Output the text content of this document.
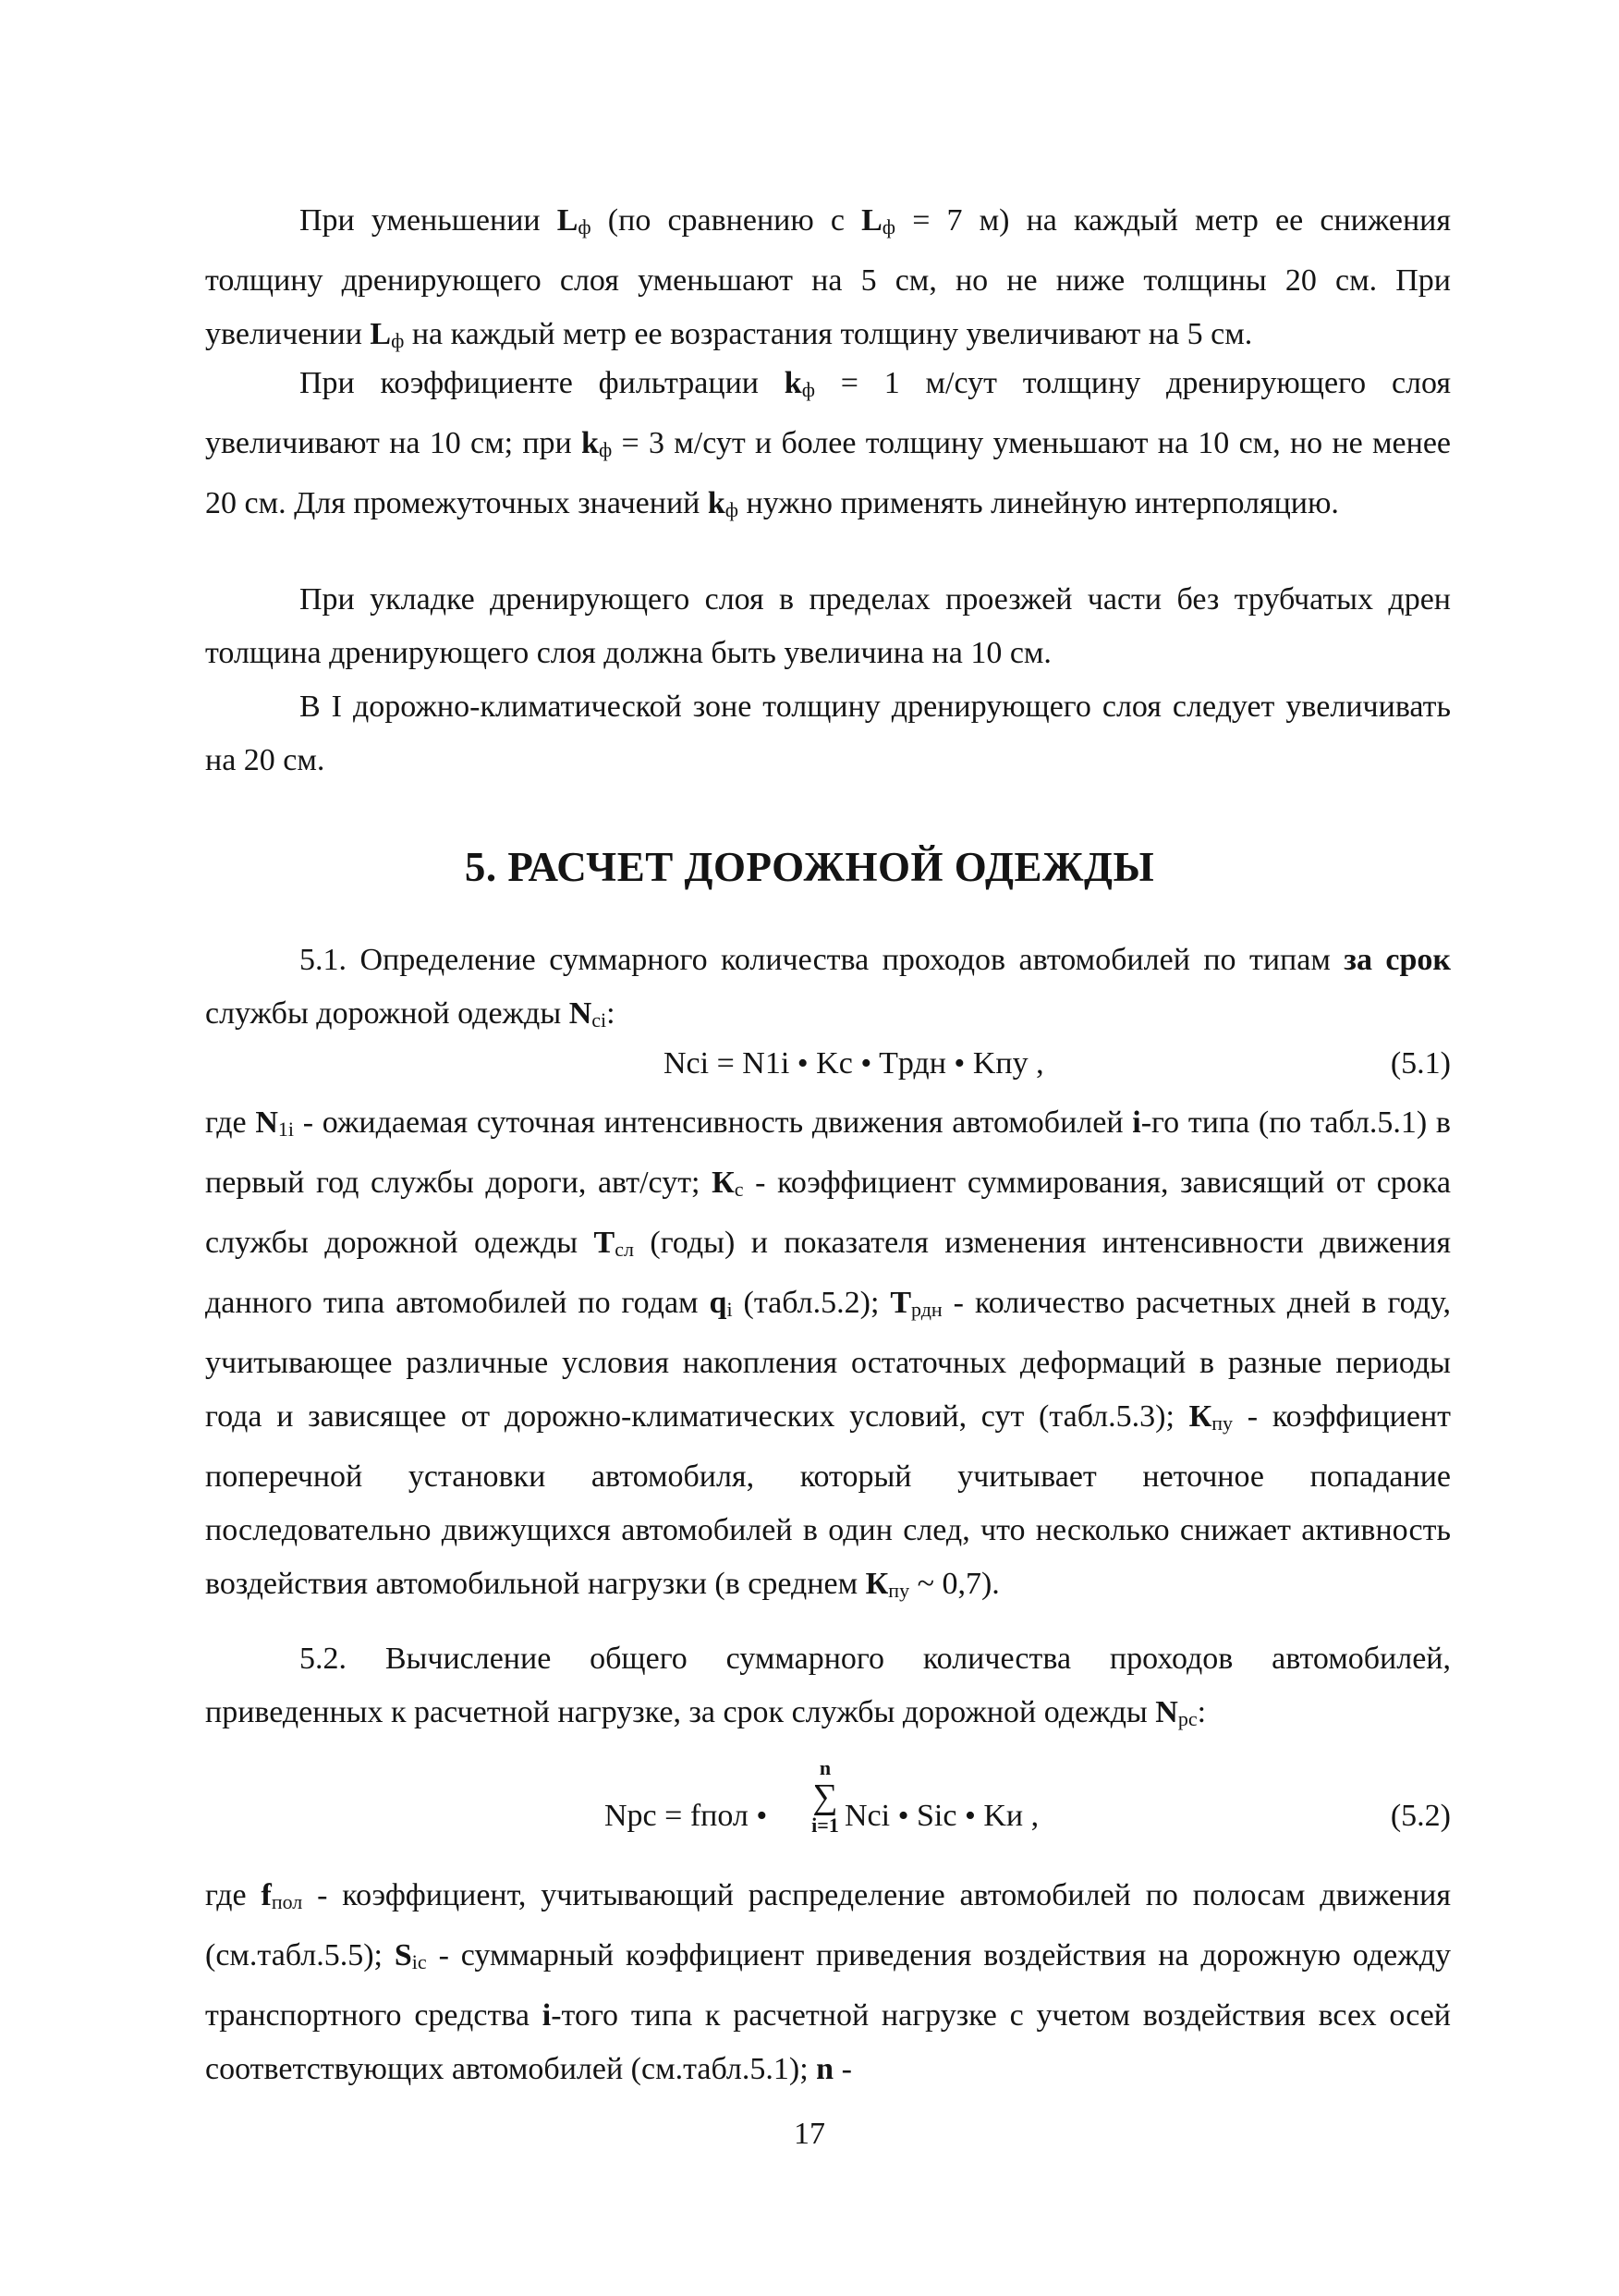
При уменьшении $L_ф$ (по сравнению с $L_ф = 7$ м) на каждый метр ее снижения толщину дренирующего слоя уменьшают на 5 см, но не ниже толщины 20 см. При увеличении $L_ф$ на каждый метр ее возрастания толщину увеличивают на 5 см.

При коэффициенте фильтрации $k_ф = 1$ м/сут толщину дренирующего слоя увеличивают на 10 см; при $k_ф = 3$ м/сут и более толщину уменьшают на 10 см, но не менее 20 см. Для промежуточных значений $k_ф$ нужно применять линейную интерполяцию.

При укладке дренирующего слоя в пределах проезжей части без трубчатых дрен толщина дренирующего слоя должна быть увеличина на 10 см.

В I дорожно-климатической зоне толщину дренирующего слоя следует увеличивать на 20 см.

5. РАСЧЕТ ДОРОЖНОЙ ОДЕЖДЫ

5.1. Определение суммарного количества проходов автомобилей по типам за срок службы дорожной одежды $N_{ci}$:

Nci = N1i • Kc • Tрдн • Kпу ,	(5.1)

где $N_{1i}$ - ожидаемая суточная интенсивность движения автомобилей i-го типа (по табл.5.1) в первый год службы дороги, авт/сут; $К_с$ - коэффициент суммирования, зависящий от срока службы дорожной одежды $Т_{сл}$ (годы) и показателя изменения интенсивности движения данного типа автомобилей по годам $q_i$ (табл.5.2); $Т_{рдн}$ - количество расчетных дней в году, учитывающее различные условия накопления остаточных деформаций в разные периоды года и зависящее от дорожно-климатических условий, сут (табл.5.3); $К_{пу}$ - коэффициент поперечной установки автомобиля, который учитывает неточное попадание последовательно движущихся автомобилей в один след, что несколько снижает активность воздействия автомобильной нагрузки (в среднем $К_{пу}$ ~ 0,7).

5.2. Вычисление общего суммарного количества проходов автомобилей, приведенных к расчетной нагрузке, за срок службы дорожной одежды $N_{pc}$:

Npc = fпол •
n
∑
i=1 Nci • Sic • Kи ,	(5.2)

где $f_{пол}$ - коэффициент, учитывающий распределение автомобилей по полосам движения (см.табл.5.5); $S_{ic}$ - суммарный коэффициент приведения воздействия на дорожную одежду транспортного средства i-того типа к расчетной нагрузке с учетом воздействия всех осей соответствующих автомобилей (см.табл.5.1); n -

17
